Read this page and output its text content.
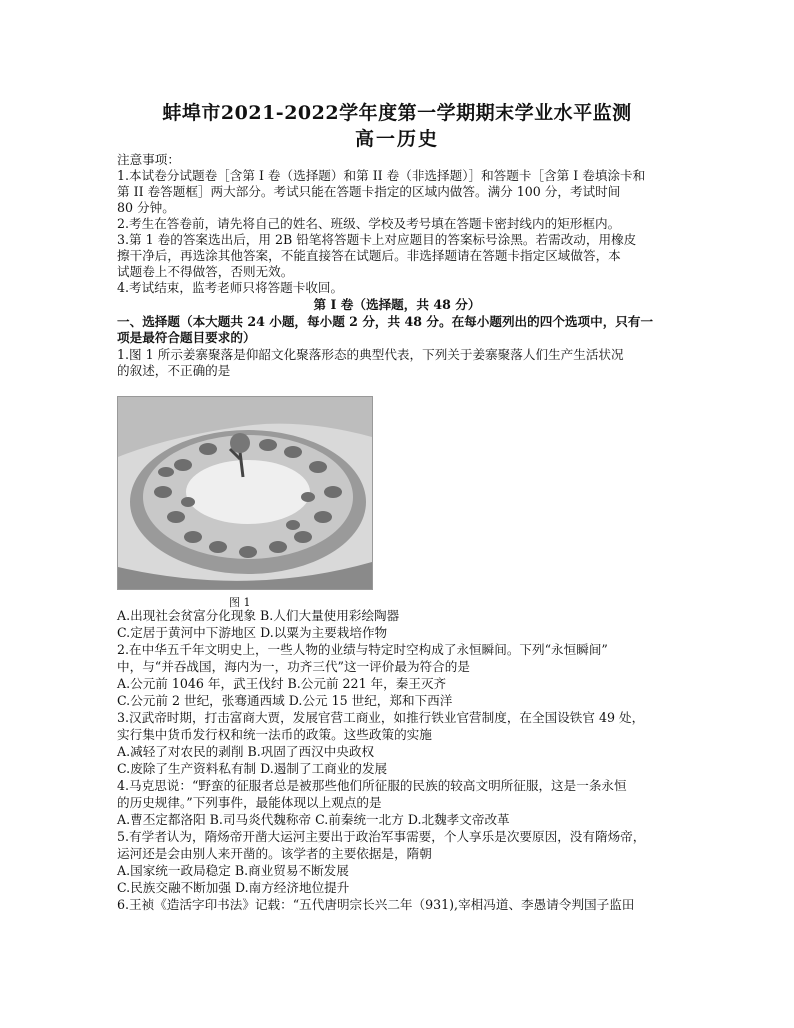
蚌埠市2021-2022学年度第一学期期末学业水平监测
高一历史
注意事项：
1.本试卷分试题卷［含第 I 卷（选择题）和第 II 卷（非选择题）］和答题卡［含第 I 卷填涂卡和
第 II 卷答题框］两大部分。考试只能在答题卡指定的区域内做答。满分 100 分，考试时间
80 分钟。
2.考生在答卷前，请先将自己的姓名、班级、学校及考号填在答题卡密封线内的矩形框内。
3.第 1 卷的答案选出后，用 2B 铅笔将答题卡上对应题目的答案标号涂黑。若需改动，用橡皮
擦干净后，再选涂其他答案，不能直接答在试题后。非选择题请在答题卡指定区域做答，本
试题卷上不得做答，否则无效。
4.考试结束，监考老师只将答题卡收回。
第 I 卷（选择题，共 48 分）
一、选择题（本大题共 24 小题，每小题 2 分，共 48 分。在每小题列出的四个选项中，只有一
项是最符合题目要求的）
1.图 1 所示姜寨聚落是仰韶文化聚落形态的典型代表，下列关于姜寨聚落人们生产生活状况
的叙述，不正确的是
图 1
A.出现社会贫富分化现象 B.人们大量使用彩绘陶器
C.定居于黄河中下游地区 D.以粟为主要栽培作物
2.在中华五千年文明史上，一些人物的业绩与特定时空构成了永恒瞬间。下列“永恒瞬间”
中，与“并吞战国，海内为一，功齐三代”这一评价最为符合的是
A.公元前 1046 年，武王伐纣 B.公元前 221 年，秦王灭齐
C.公元前 2 世纪，张骞通西域 D.公元 15 世纪，郑和下西洋
3.汉武帝时期，打击富商大贾，发展官营工商业，如推行铁业官营制度，在全国设铁官 49 处，
实行集中货币发行权和统一法币的政策。这些政策的实施
A.减轻了对农民的剥削 B.巩固了西汉中央政权
C.废除了生产资料私有制 D.遏制了工商业的发展
4.马克思说：“野蛮的征服者总是被那些他们所征服的民族的较高文明所征服，这是一条永恒
的历史规律。”下列事件，最能体现以上观点的是
A.曹丕定都洛阳 B.司马炎代魏称帝 C.前秦统一北方 D.北魏孝文帝改革
5.有学者认为，隋炀帝开凿大运河主要出于政治军事需要，个人享乐是次要原因，没有隋炀帝，
运河还是会由别人来开凿的。该学者的主要依据是，隋朝
A.国家统一政局稳定 B.商业贸易不断发展
C.民族交融不断加强 D.南方经济地位提升
6.王祯《造活字印书法》记载：“五代唐明宗长兴二年（931),宰相冯道、李愚请令判国子监田
